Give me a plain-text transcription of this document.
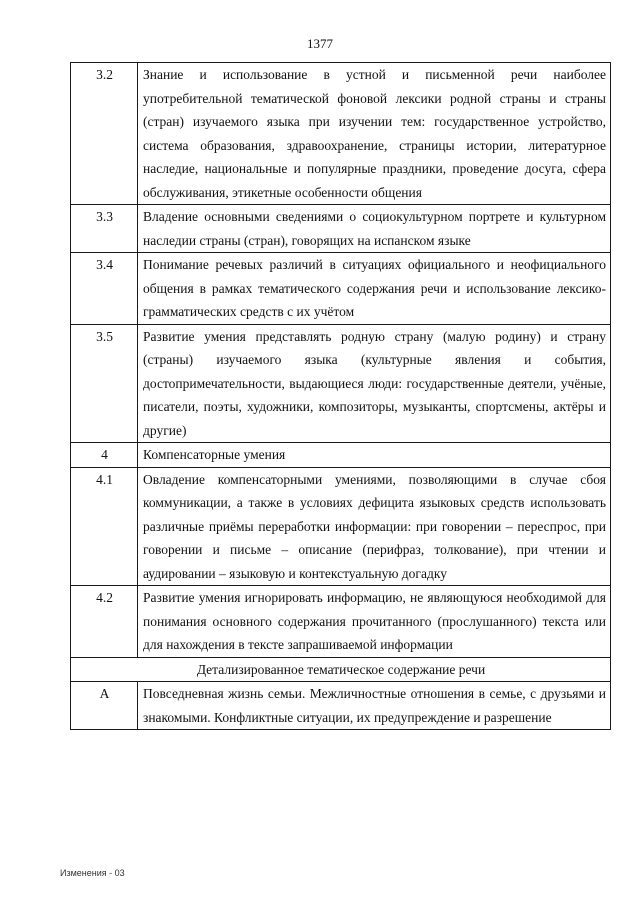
1377
3.2	Знание и использование в устной и письменной речи наиболее употребительной тематической фоновой лексики родной страны и страны (стран) изучаемого языка при изучении тем: государственное устройство, система образования, здравоохранение, страницы истории, литературное наследие, национальные и популярные праздники, проведение досуга, сфера обслуживания, этикетные особенности общения
3.3	Владение основными сведениями о социокультурном портрете и культурном наследии страны (стран), говорящих на испанском языке
3.4	Понимание речевых различий в ситуациях официального и неофициального общения в рамках тематического содержания речи и использование лексико-грамматических средств с их учётом
3.5	Развитие умения представлять родную страну (малую родину) и страну (страны) изучаемого языка (культурные явления и события, достопримечательности, выдающиеся люди: государственные деятели, учёные, писатели, поэты, художники, композиторы, музыканты, спортсмены, актёры и другие)
4	Компенсаторные умения
4.1	Овладение компенсаторными умениями, позволяющими в случае сбоя коммуникации, а также в условиях дефицита языковых средств использовать различные приёмы переработки информации: при говорении – переспрос, при говорении и письме – описание (перифраз, толкование), при чтении и аудировании – языковую и контекстуальную догадку
4.2	Развитие умения игнорировать информацию, не являющуюся необходимой для понимания основного содержания прочитанного (прослушанного) текста или для нахождения в тексте запрашиваемой информации
Детализированное тематическое содержание речи	
А	Повседневная жизнь семьи. Межличностные отношения в семье, с друзьями и знакомыми. Конфликтные ситуации, их предупреждение и разрешение
Изменения - 03
